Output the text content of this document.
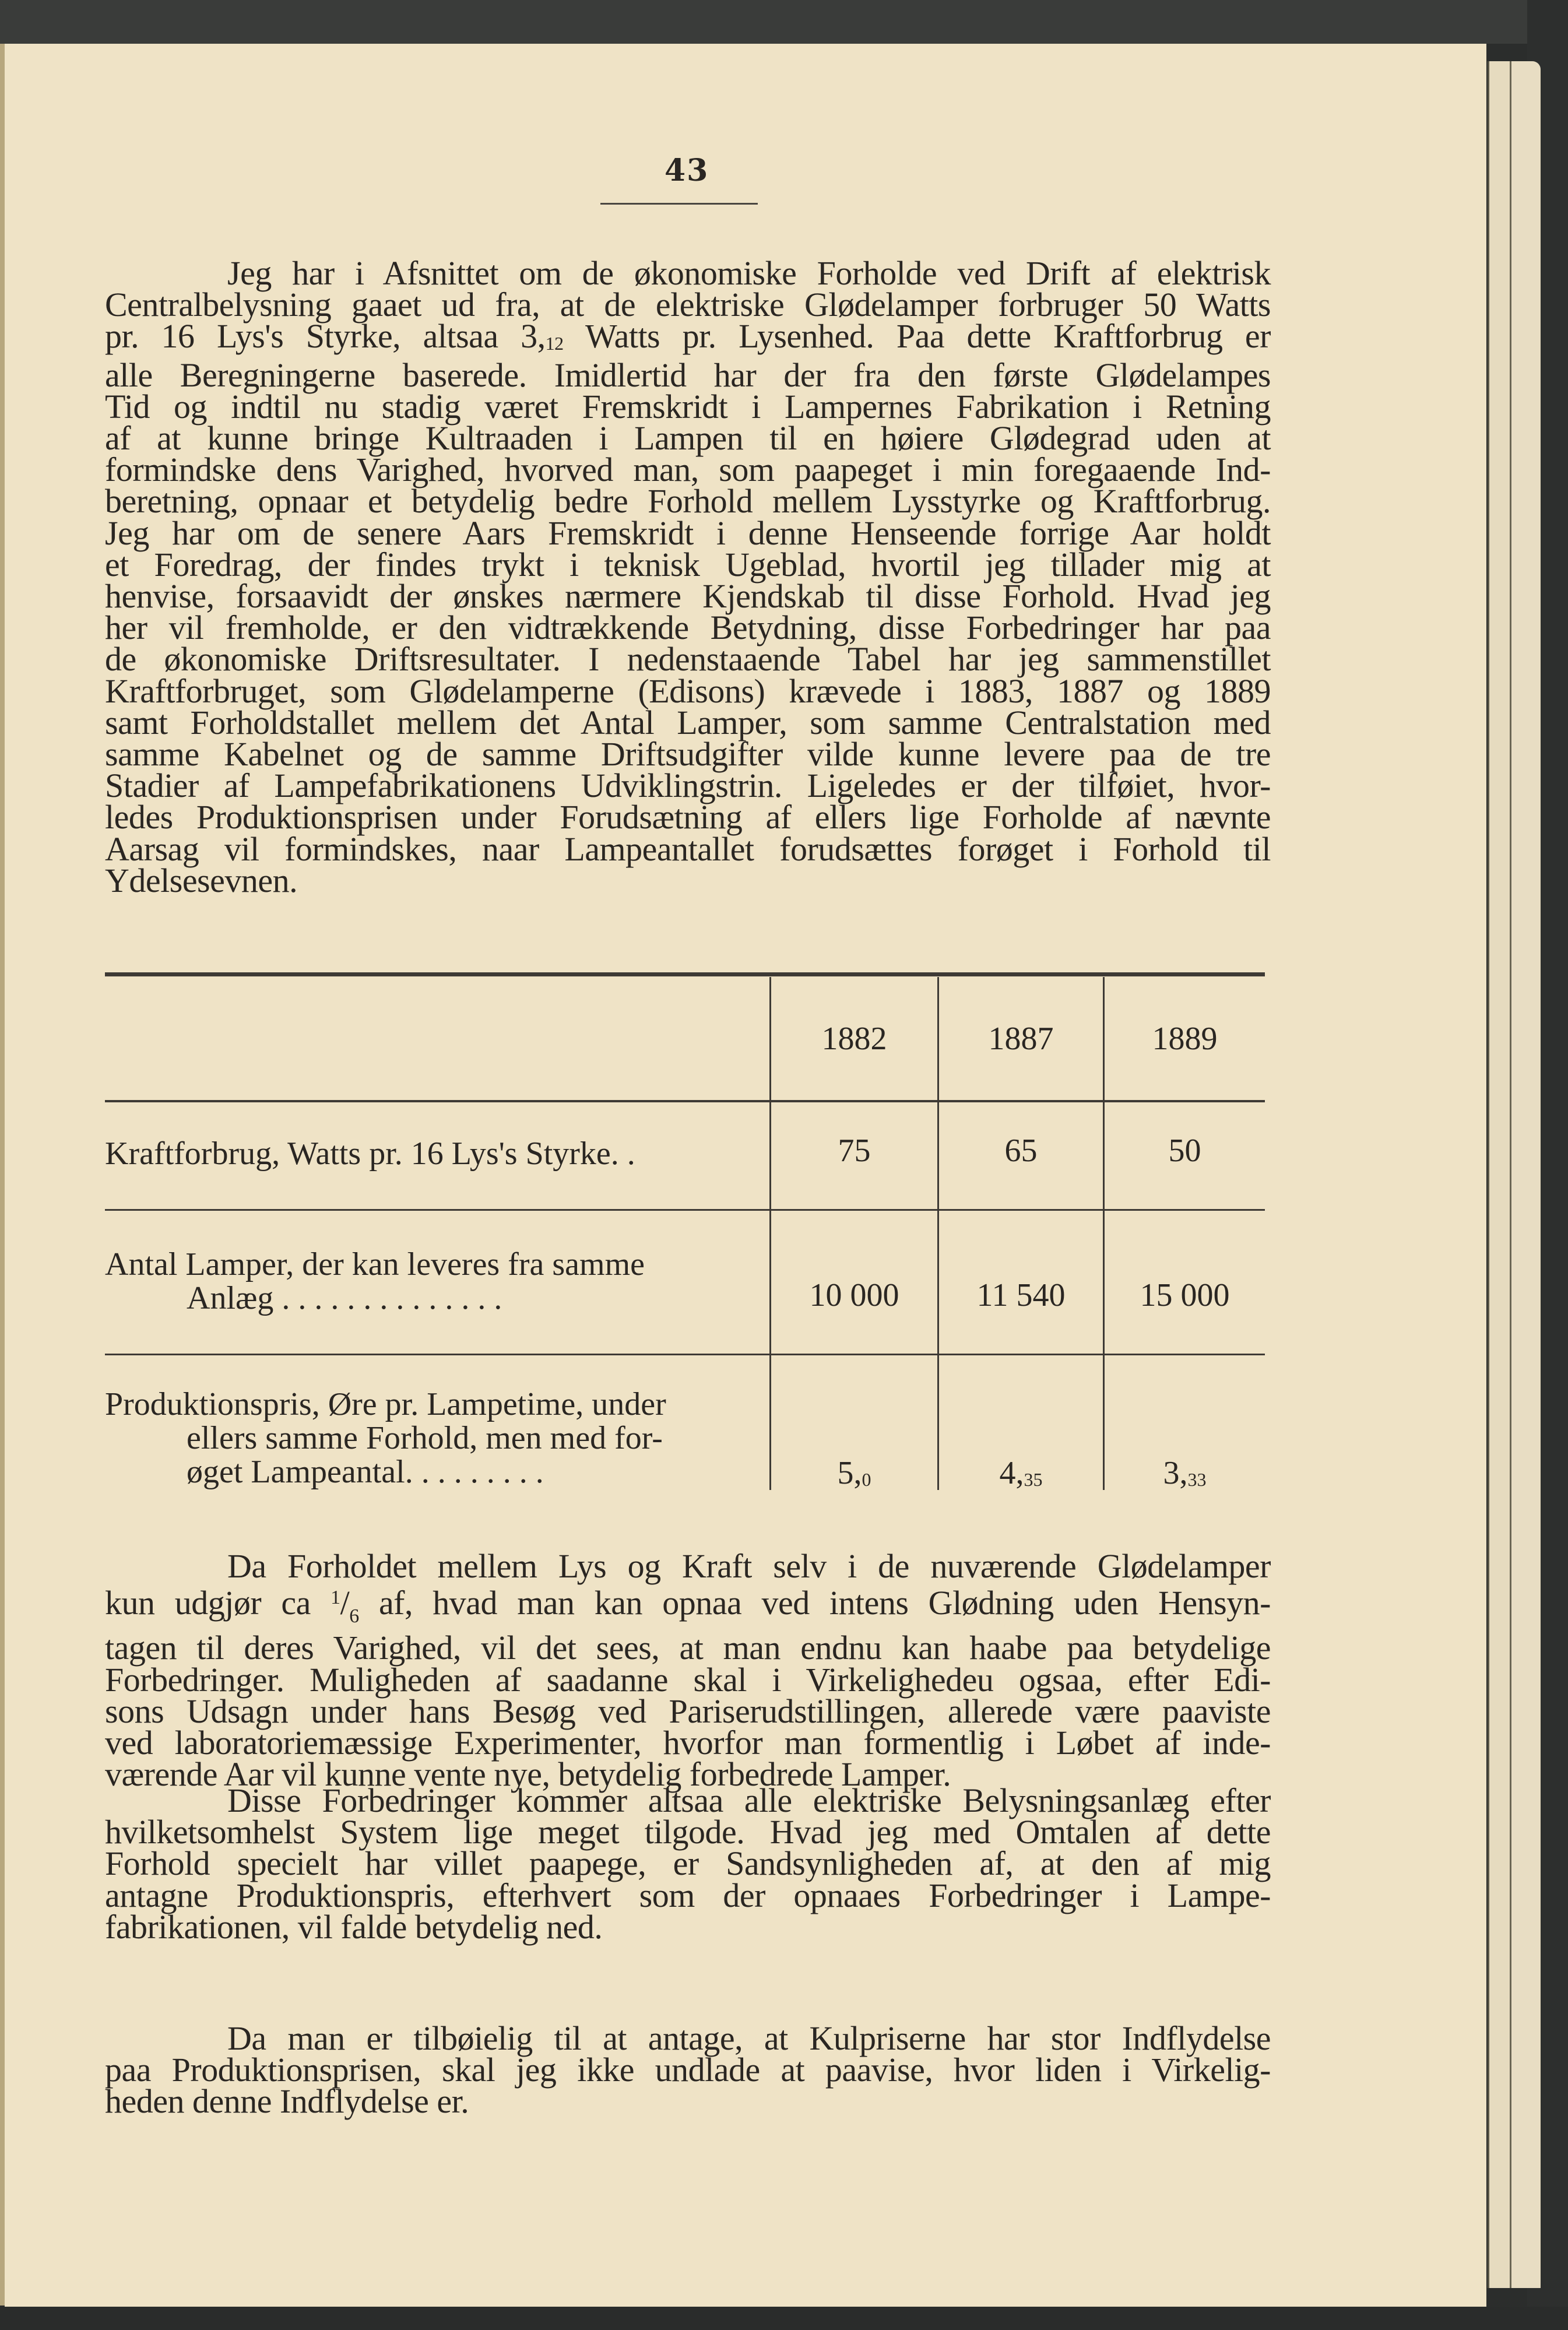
43
Jeg har i Afsnittet om de økonomiske Forholde ved Drift af elektrisk
Centralbelysning gaaet ud fra, at de elektriske Glødelamper forbruger 50 Watts
pr. 16 Lys's Styrke, altsaa 3,12 Watts pr. Lysenhed. Paa dette Kraftforbrug er
alle Beregningerne baserede. Imidlertid har der fra den første Glødelampes
Tid og indtil nu stadig været Fremskridt i Lampernes Fabrikation i Retning
af at kunne bringe Kultraaden i Lampen til en høiere Glødegrad uden at
formindske dens Varighed, hvorved man, som paapeget i min foregaaende Ind-
beretning, opnaar et betydelig bedre Forhold mellem Lysstyrke og Kraftforbrug.
Jeg har om de senere Aars Fremskridt i denne Henseende forrige Aar holdt
et Foredrag, der findes trykt i teknisk Ugeblad, hvortil jeg tillader mig at
henvise, forsaavidt der ønskes nærmere Kjendskab til disse Forhold. Hvad jeg
her vil fremholde, er den vidtrækkende Betydning, disse Forbedringer har paa
de økonomiske Driftsresultater. I nedenstaaende Tabel har jeg sammenstillet
Kraftforbruget, som Glødelamperne (Edisons) krævede i 1883, 1887 og 1889
samt Forholdstallet mellem det Antal Lamper, som samme Centralstation med
samme Kabelnet og de samme Driftsudgifter vilde kunne levere paa de tre
Stadier af Lampefabrikationens Udviklingstrin. Ligeledes er der tilføiet, hvor-
ledes Produktionsprisen under Forudsætning af ellers lige Forholde af nævnte
Aarsag vil formindskes, naar Lampeantallet forudsættes forøget i Forhold til
Ydelsesevnen.
1882	1887	1889
Kraftforbrug, Watts pr. 16 Lys's Styrke. .	75	65	50
Antal Lamper, der kan leveres fra samme
Anlæg . . . . . . . . . . . . . .	10 000	11 540	15 000
Produktionspris, Øre pr. Lampetime, under
ellers samme Forhold, men med for-
øget Lampeantal. . . . . . . . .	5,0	4,35	3,33
Da Forholdet mellem Lys og Kraft selv i de nuværende Glødelamper
kun udgjør ca $^1/_6$ af, hvad man kan opnaa ved intens Glødning uden Hensyn-
tagen til deres Varighed, vil det sees, at man endnu kan haabe paa betydelige
Forbedringer. Muligheden af saadanne skal i Virkelighedeu ogsaa, efter Edi-
sons Udsagn under hans Besøg ved Pariserudstillingen, allerede være paaviste
ved laboratoriemæssige Experimenter, hvorfor man formentlig i Løbet af inde-
værende Aar vil kunne vente nye, betydelig forbedrede Lamper.
Disse Forbedringer kommer altsaa alle elektriske Belysningsanlæg efter
hvilketsomhelst System lige meget tilgode. Hvad jeg med Omtalen af dette
Forhold specielt har villet paapege, er Sandsynligheden af, at den af mig
antagne Produktionspris, efterhvert som der opnaaes Forbedringer i Lampe-
fabrikationen, vil falde betydelig ned.
Da man er tilbøielig til at antage, at Kulpriserne har stor Indflydelse
paa Produktionsprisen, skal jeg ikke undlade at paavise, hvor liden i Virkelig-
heden denne Indflydelse er.
